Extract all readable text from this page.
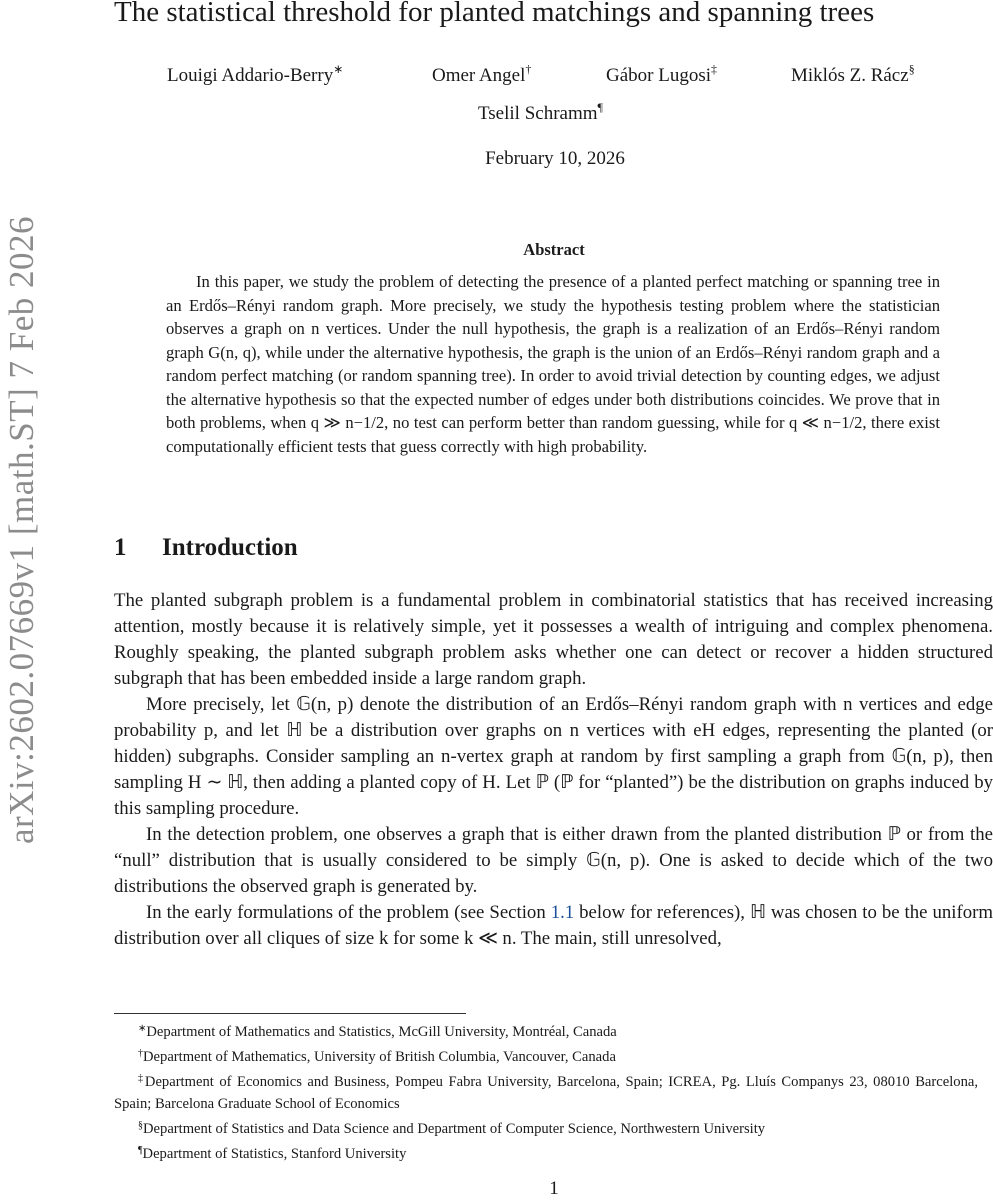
arXiv:2602.07669v1 [math.ST] 7 Feb 2026
The statistical threshold for planted matchings and spanning trees
Louigi Addario-Berry∗	Omer Angel†	Gábor Lugosi‡	Miklós Z. Rácz§
Tselil Schramm¶
February 10, 2026
Abstract

In this paper, we study the problem of detecting the presence of a planted perfect matching or spanning tree in an Erdős–Rényi random graph. More precisely, we study the hypothesis testing problem where the statistician observes a graph on n vertices. Under the null hypothesis, the graph is a realization of an Erdős–Rényi random graph G(n, q), while under the alternative hypothesis, the graph is the union of an Erdős–Rényi random graph and a random perfect matching (or random spanning tree). In order to avoid trivial detection by counting edges, we adjust the alternative hypothesis so that the expected number of edges under both distributions coincides. We prove that in both problems, when q ≫ n−1/2, no test can perform better than random guessing, while for q ≪ n−1/2, there exist computationally efficient tests that guess correctly with high probability.

1 Introduction

The planted subgraph problem is a fundamental problem in combinatorial statistics that has received increasing attention, mostly because it is relatively simple, yet it possesses a wealth of intriguing and complex phenomena. Roughly speaking, the planted subgraph problem asks whether one can detect or recover a hidden structured subgraph that has been embedded inside a large random graph.

More precisely, let 𝔾(n, p) denote the distribution of an Erdős–Rényi random graph with n vertices and edge probability p, and let ℍ be a distribution over graphs on n vertices with eH edges, representing the planted (or hidden) subgraphs. Consider sampling an n-vertex graph at random by first sampling a graph from 𝔾(n, p), then sampling H ∼ ℍ, then adding a planted copy of H. Let ℙ (ℙ for “planted”) be the distribution on graphs induced by this sampling procedure.

In the detection problem, one observes a graph that is either drawn from the planted distribution ℙ or from the “null” distribution that is usually considered to be simply 𝔾(n, p). One is asked to decide which of the two distributions the observed graph is generated by.

In the early formulations of the problem (see Section 1.1 below for references), ℍ was chosen to be the uniform distribution over all cliques of size k for some k ≪ n. The main, still unresolved,

∗Department of Mathematics and Statistics, McGill University, Montréal, Canada
†Department of Mathematics, University of British Columbia, Vancouver, Canada
‡Department of Economics and Business, Pompeu Fabra University, Barcelona, Spain; ICREA, Pg. Lluís Companys 23, 08010 Barcelona, Spain; Barcelona Graduate School of Economics
§Department of Statistics and Data Science and Department of Computer Science, Northwestern University
¶Department of Statistics, Stanford University
1
